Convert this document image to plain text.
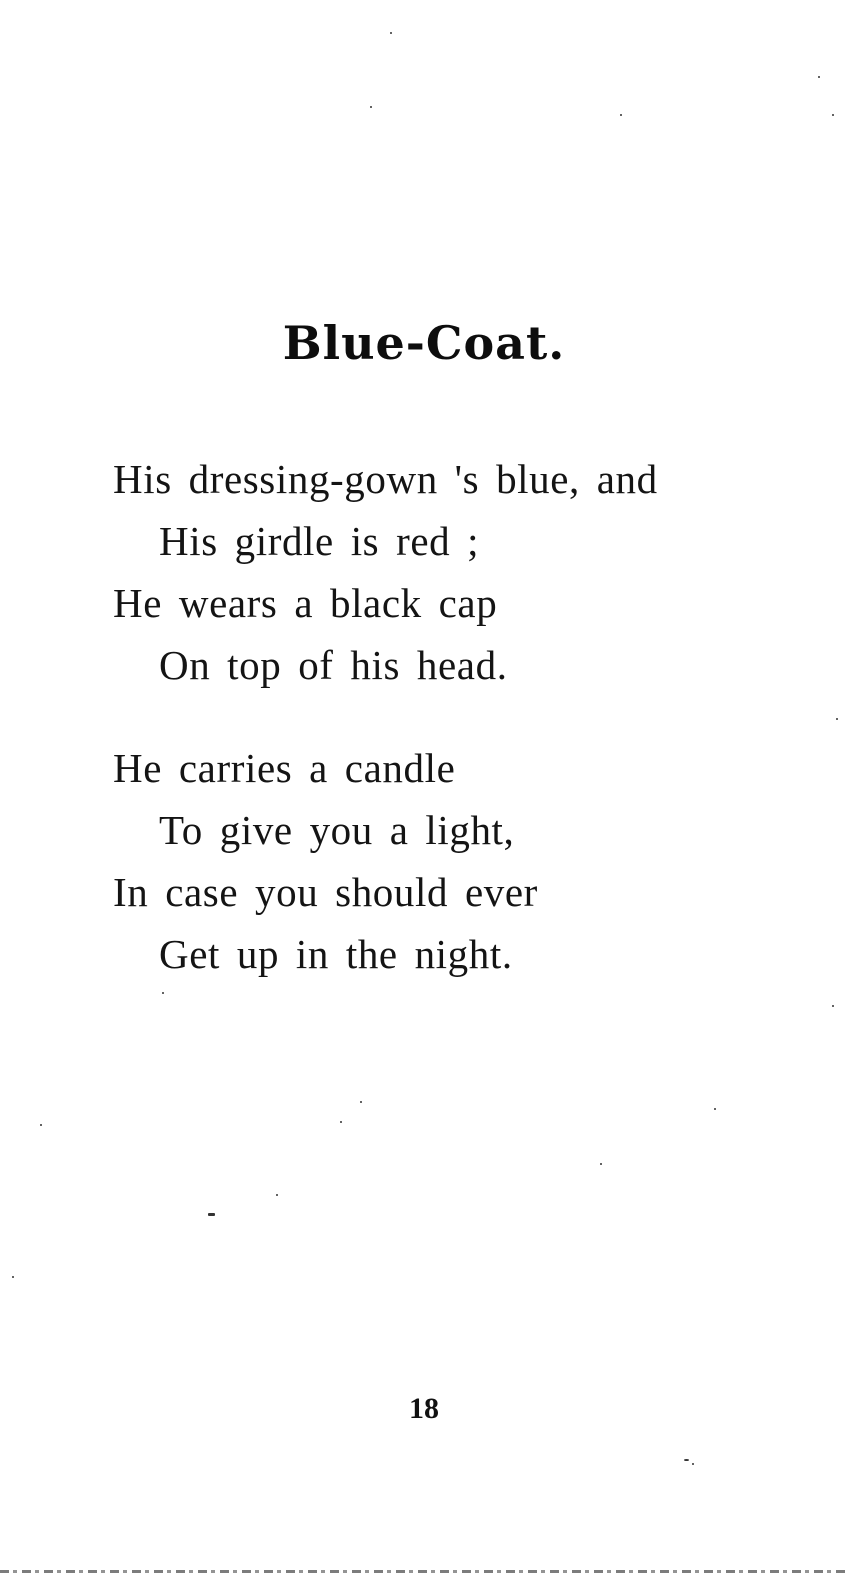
Blue-Coat.
His dressing-gown 's blue, and
His girdle is red ;
He wears a black cap
On top of his head.
He carries a candle
To give you a light,
In case you should ever
Get up in the night.
18
